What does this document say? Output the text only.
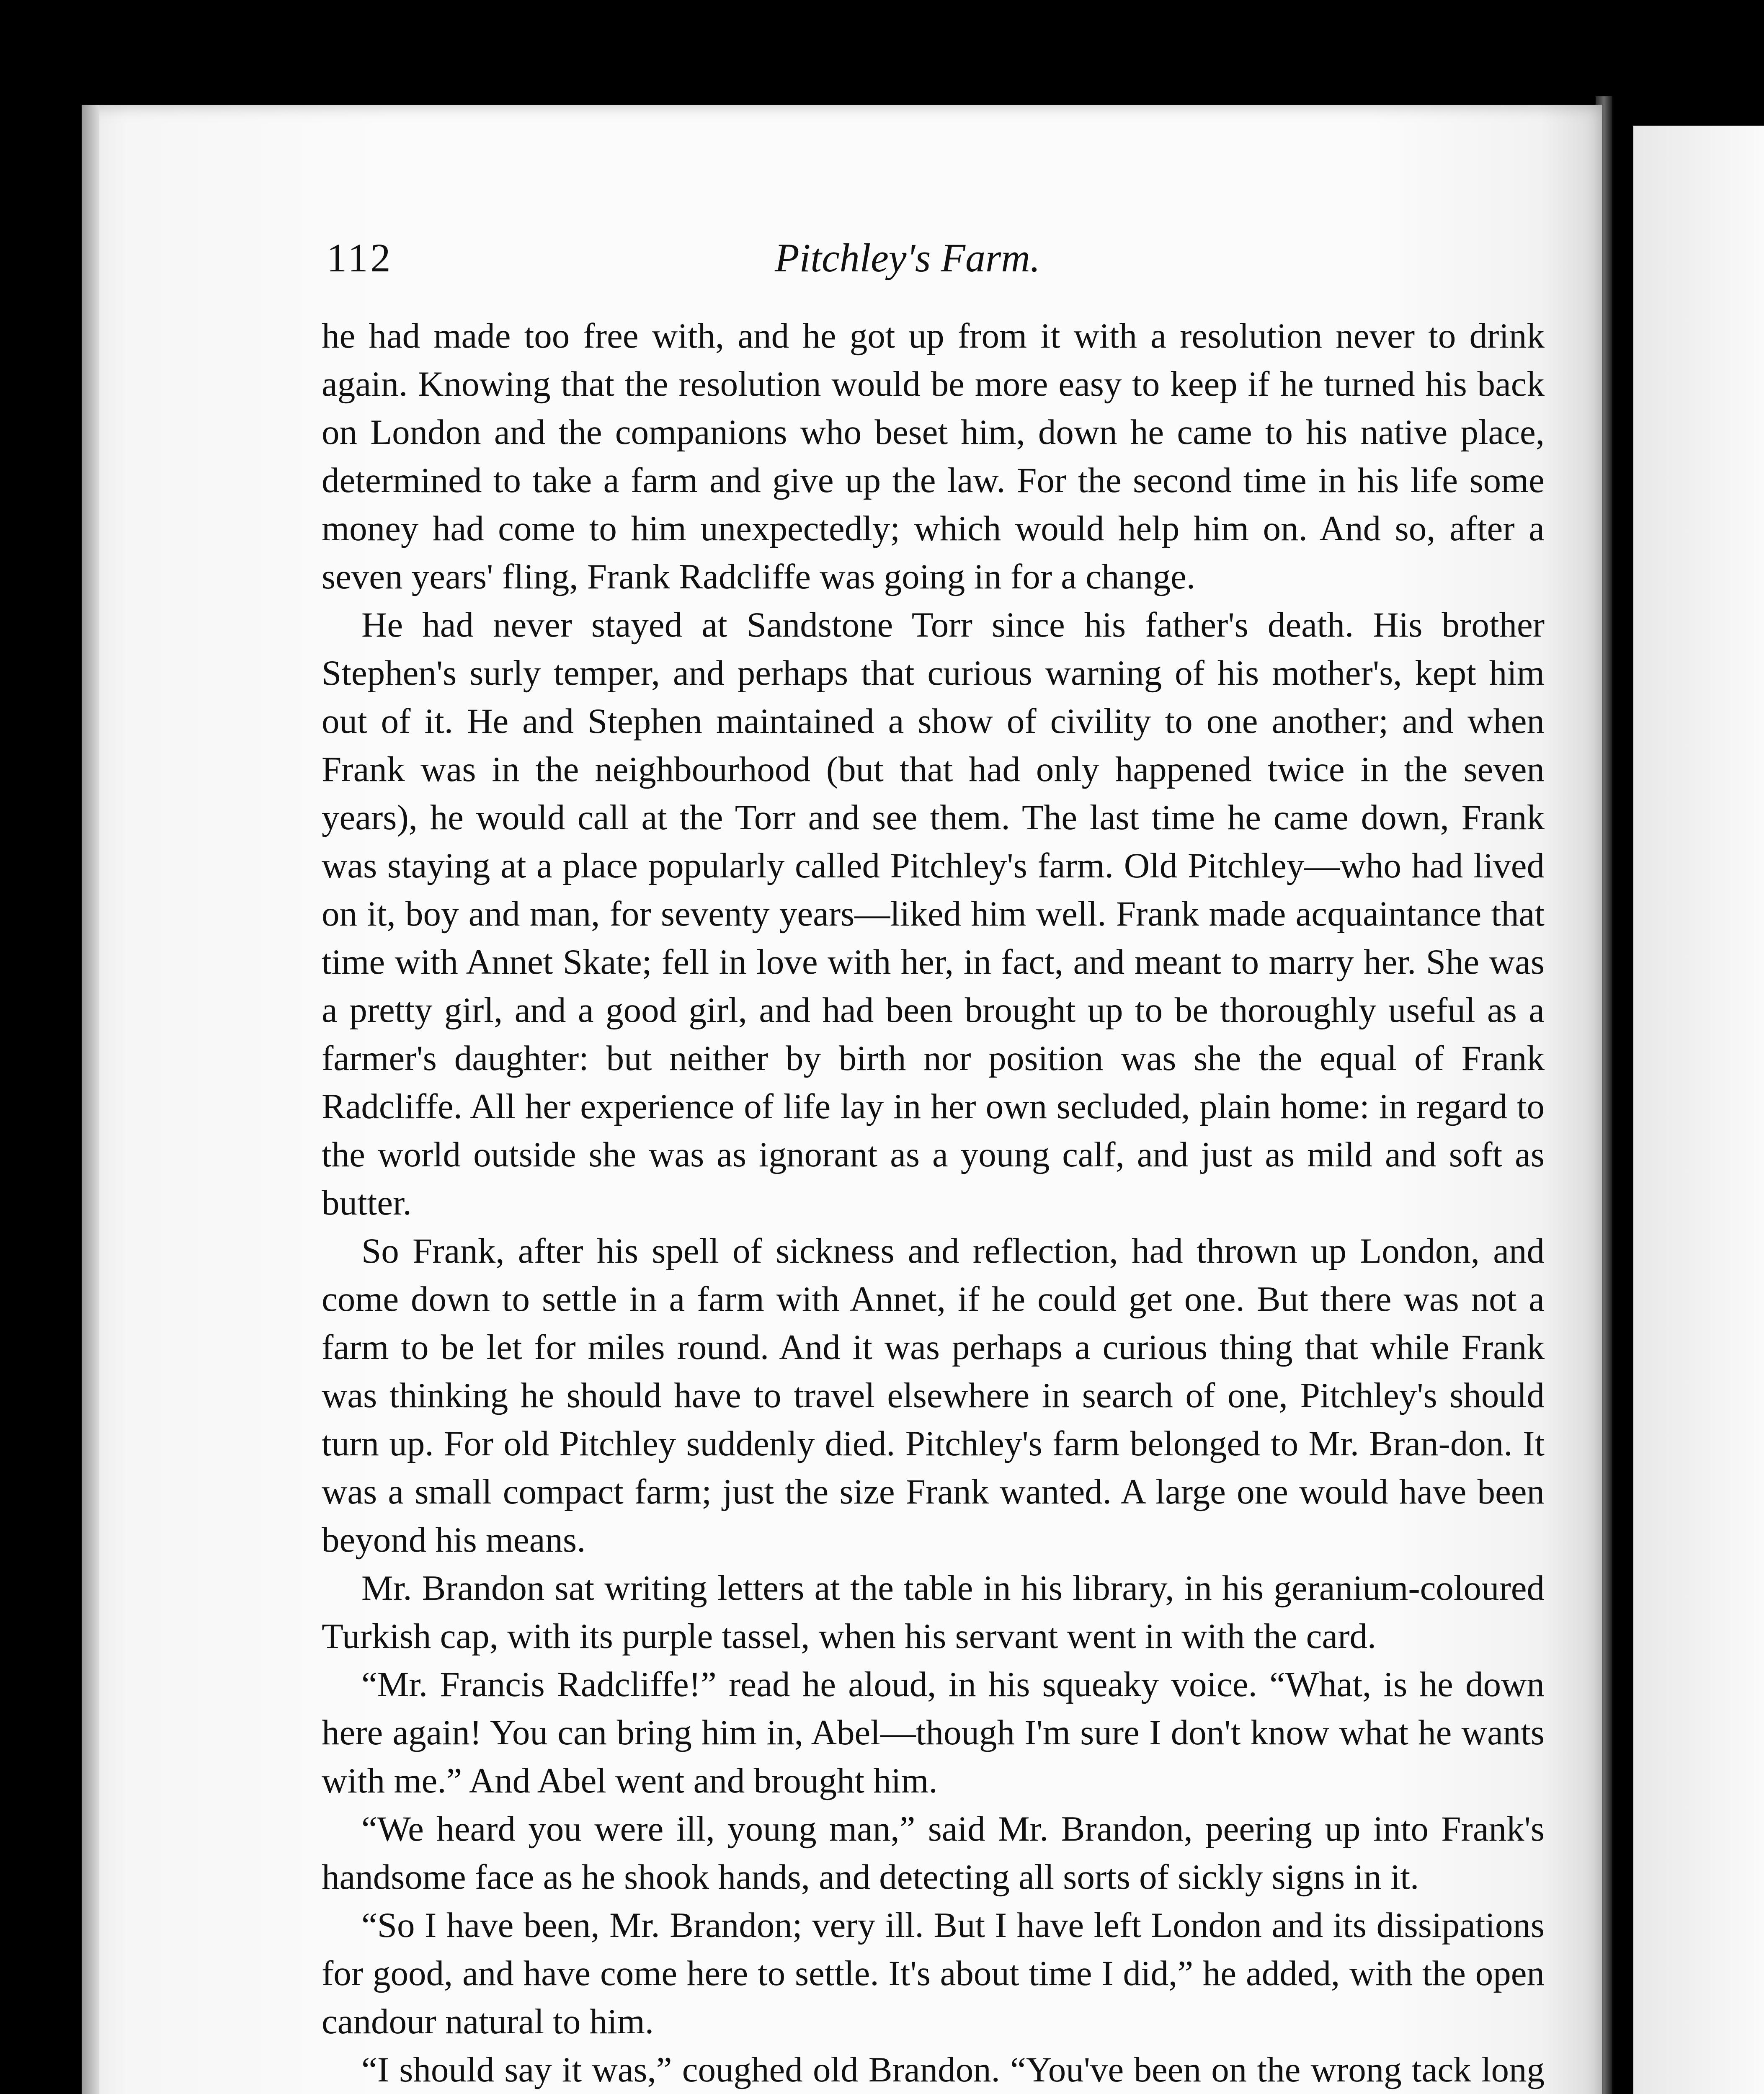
112	Pitchley's Farm.

he had made too free with, and he got up from it with a resolution never to drink again. Knowing that the resolution would be more easy to keep if he turned his back on London and the companions who beset him, down he came to his native place, determined to take a farm and give up the law. For the second time in his life some money had come to him unexpectedly; which would help him on. And so, after a seven years' fling, Frank Radcliffe was going in for a change.

He had never stayed at Sandstone Torr since his father's death. His brother Stephen's surly temper, and perhaps that curious warning of his mother's, kept him out of it. He and Stephen maintained a show of civility to one another; and when Frank was in the neighbourhood (but that had only happened twice in the seven years), he would call at the Torr and see them. The last time he came down, Frank was staying at a place popularly called Pitchley's farm. Old Pitchley—who had lived on it, boy and man, for seventy years—liked him well. Frank made acquaintance that time with Annet Skate; fell in love with her, in fact, and meant to marry her. She was a pretty girl, and a good girl, and had been brought up to be thoroughly useful as a farmer's daughter: but neither by birth nor position was she the equal of Frank Radcliffe. All her experience of life lay in her own secluded, plain home: in regard to the world outside she was as ignorant as a young calf, and just as mild and soft as butter.

So Frank, after his spell of sickness and reflection, had thrown up London, and come down to settle in a farm with Annet, if he could get one. But there was not a farm to be let for miles round. And it was perhaps a curious thing that while Frank was thinking he should have to travel elsewhere in search of one, Pitchley's should turn up. For old Pitchley suddenly died. Pitchley's farm belonged to Mr. Bran-don. It was a small compact farm; just the size Frank wanted. A large one would have been beyond his means.

Mr. Brandon sat writing letters at the table in his library, in his geranium-coloured Turkish cap, with its purple tassel, when his servant went in with the card.

“Mr. Francis Radcliffe!” read he aloud, in his squeaky voice. “What, is he down here again! You can bring him in, Abel—though I'm sure I don't know what he wants with me.” And Abel went and brought him.

“We heard you were ill, young man,” said Mr. Brandon, peering up into Frank's handsome face as he shook hands, and detecting all sorts of sickly signs in it.

“So I have been, Mr. Brandon; very ill. But I have left London and its dissipations for good, and have come here to settle. It's about time I did,” he added, with the open candour natural to him.

“I should say it was,” coughed old Brandon. “You've been on the wrong tack long
